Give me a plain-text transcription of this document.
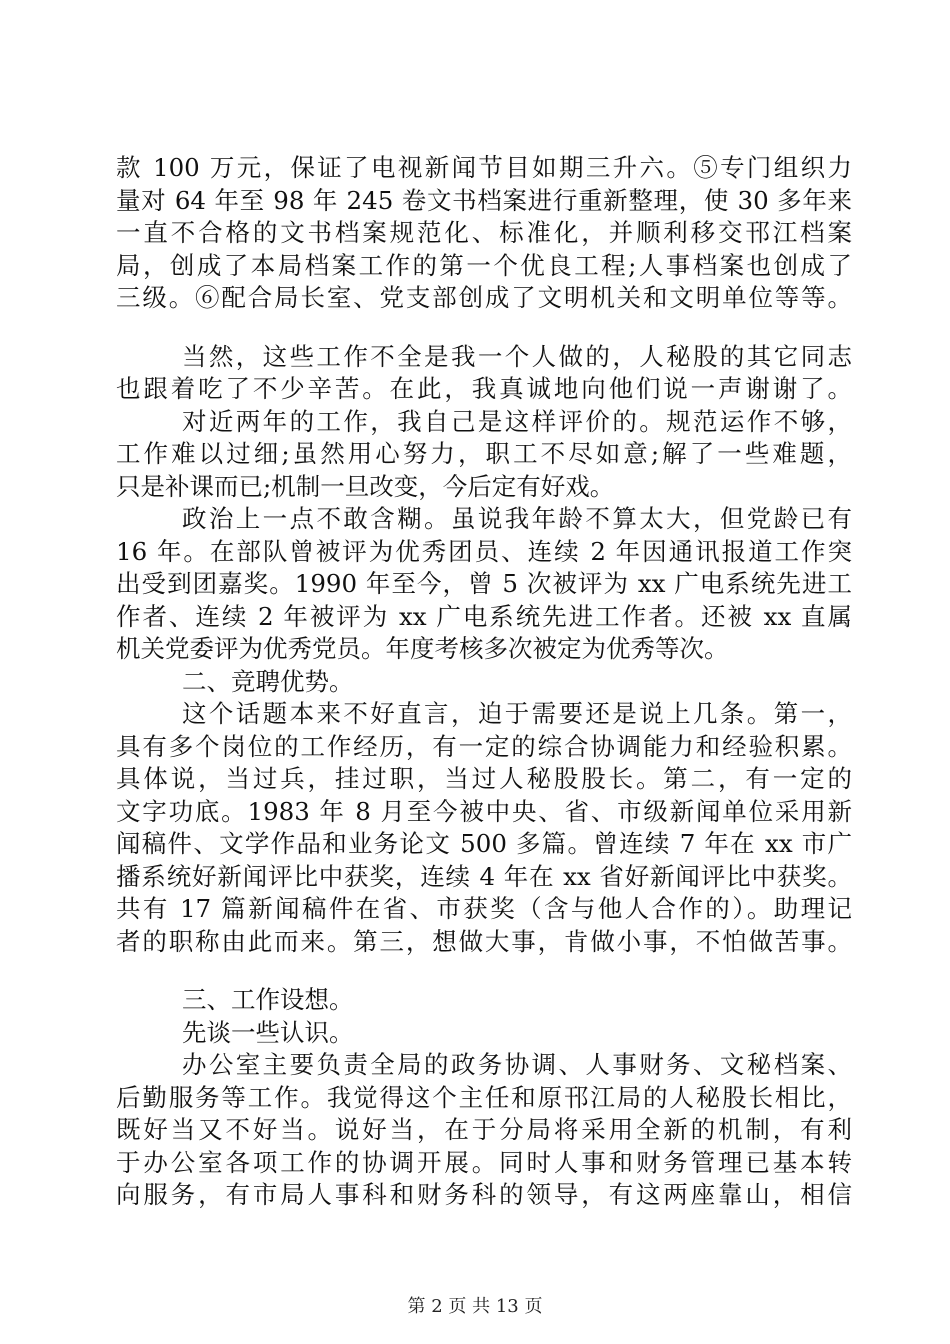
款 100 万元，保证了电视新闻节目如期三升六。⑤专门组织力
量对 64 年至 98 年 245 卷文书档案进行重新整理，使 30 多年来
一直不合格的文书档案规范化、标准化，并顺利移交邗江档案
局，创成了本局档案工作的第一个优良工程;人事档案也创成了
三级。⑥配合局长室、党支部创成了文明机关和文明单位等等。
当然，这些工作不全是我一个人做的，人秘股的其它同志
也跟着吃了不少辛苦。在此，我真诚地向他们说一声谢谢了。
对近两年的工作，我自己是这样评价的。规范运作不够，
工作难以过细;虽然用心努力，职工不尽如意;解了一些难题，
只是补课而已;机制一旦改变，今后定有好戏。
政治上一点不敢含糊。虽说我年龄不算太大，但党龄已有
16 年。在部队曾被评为优秀团员、连续 2 年因通讯报道工作突
出受到团嘉奖。1990 年至今，曾 5 次被评为 xx 广电系统先进工
作者、连续 2 年被评为 xx 广电系统先进工作者。还被 xx 直属
机关党委评为优秀党员。年度考核多次被定为优秀等次。
二、竞聘优势。
这个话题本来不好直言，迫于需要还是说上几条。第一，
具有多个岗位的工作经历，有一定的综合协调能力和经验积累。
具体说，当过兵，挂过职，当过人秘股股长。第二，有一定的
文字功底。1983 年 8 月至今被中央、省、市级新闻单位采用新
闻稿件、文学作品和业务论文 500 多篇。曾连续 7 年在 xx 市广
播系统好新闻评比中获奖，连续 4 年在 xx 省好新闻评比中获奖。
共有 17 篇新闻稿件在省、市获奖（含与他人合作的）。助理记
者的职称由此而来。第三，想做大事，肯做小事，不怕做苦事。
三、工作设想。
先谈一些认识。
办公室主要负责全局的政务协调、人事财务、文秘档案、
后勤服务等工作。我觉得这个主任和原邗江局的人秘股长相比，
既好当又不好当。说好当，在于分局将采用全新的机制，有利
于办公室各项工作的协调开展。同时人事和财务管理已基本转
向服务，有市局人事科和财务科的领导，有这两座靠山，相信
第 2 页 共 13 页
